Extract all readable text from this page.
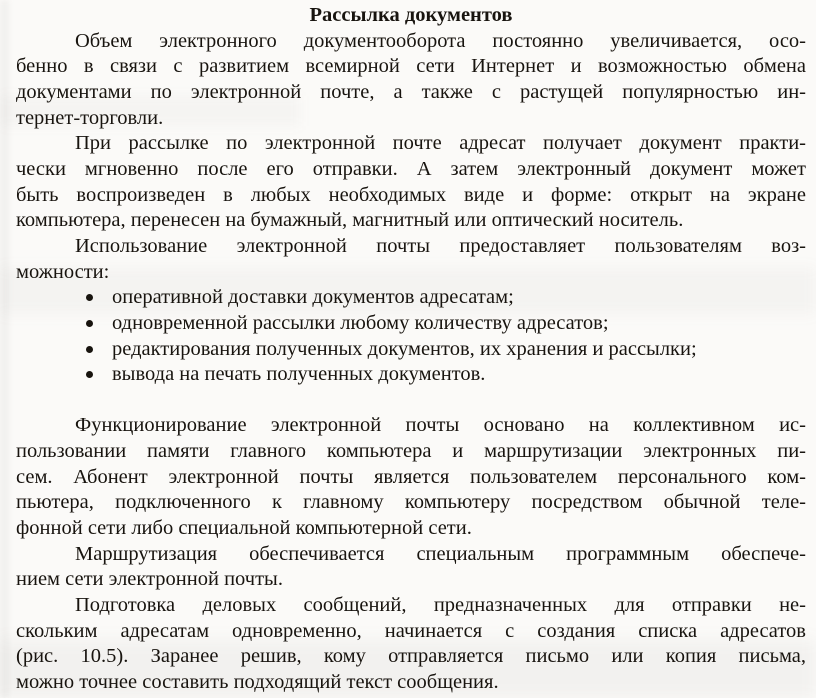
Рассылка документов
Объем электронного документооборота постоянно увеличивается, осо-
бенно в связи с развитием всемирной сети Интернет и возможностью обмена
документами по электронной почте, а также с растущей популярностью ин-
тернет-торговли.
При рассылке по электронной почте адресат получает документ практи-
чески мгновенно после его отправки. А затем электронный документ может
быть воспроизведен в любых необходимых виде и форме: открыт на экране
компьютера, перенесен на бумажный, магнитный или оптический носитель.
Использование электронной почты предоставляет пользователям воз-
можности:
оперативной доставки документов адресатам;
одновременной рассылки любому количеству адресатов;
редактирования полученных документов, их хранения и рассылки;
вывода на печать полученных документов.
Функционирование электронной почты основано на коллективном ис-
пользовании памяти главного компьютера и маршрутизации электронных пи-
сем. Абонент электронной почты является пользователем персонального ком-
пьютера, подключенного к главному компьютеру посредством обычной теле-
фонной сети либо специальной компьютерной сети.
Маршрутизация обеспечивается специальным программным обеспече-
нием сети электронной почты.
Подготовка деловых сообщений, предназначенных для отправки не-
скольким адресатам одновременно, начинается с создания списка адресатов
(рис. 10.5). Заранее решив, кому отправляется письмо или копия письма,
можно точнее составить подходящий текст сообщения.
